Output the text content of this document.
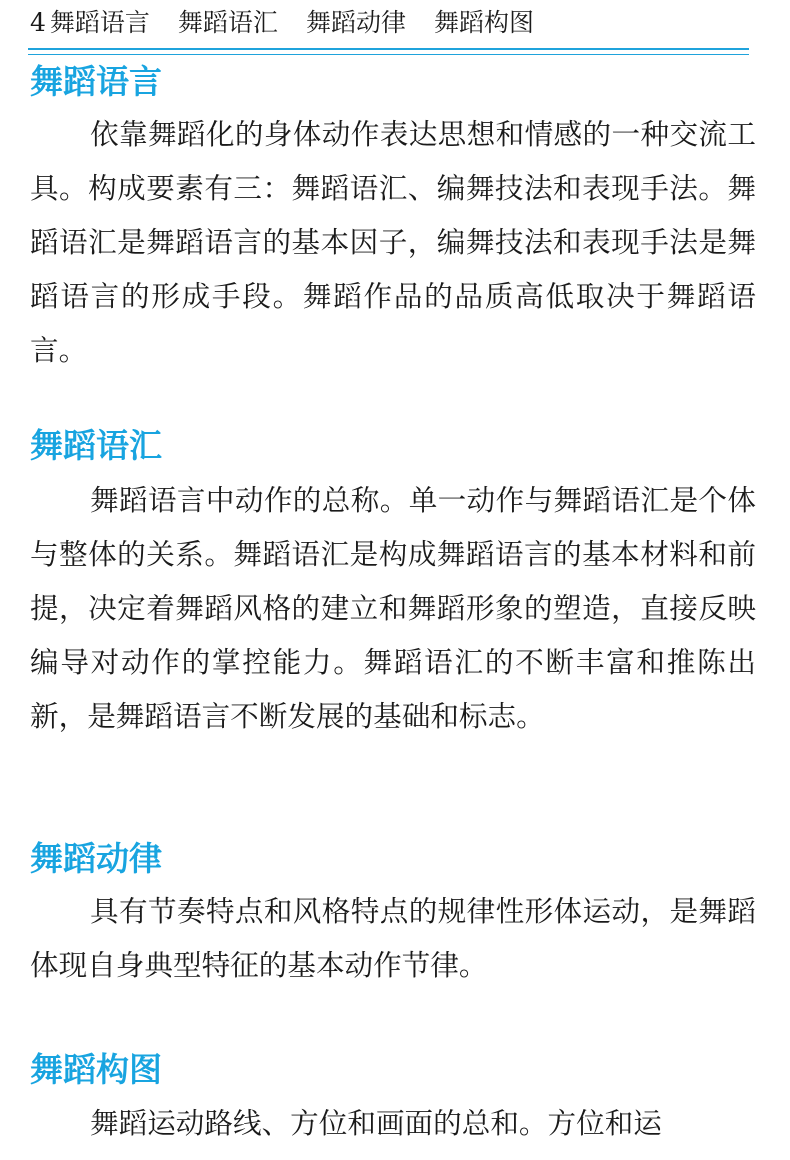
4 舞蹈语言 舞蹈语汇 舞蹈动律 舞蹈构图
舞蹈语言

依靠舞蹈化的身体动作表达思想和情感的一种交流工具。构成要素有三：舞蹈语汇、编舞技法和表现手法。舞蹈语汇是舞蹈语言的基本因子，编舞技法和表现手法是舞蹈语言的形成手段。舞蹈作品的品质高低取决于舞蹈语言。

舞蹈语汇

舞蹈语言中动作的总称。单一动作与舞蹈语汇是个体与整体的关系。舞蹈语汇是构成舞蹈语言的基本材料和前提，决定着舞蹈风格的建立和舞蹈形象的塑造，直接反映编导对动作的掌控能力。舞蹈语汇的不断丰富和推陈出新，是舞蹈语言不断发展的基础和标志。

舞蹈动律

具有节奏特点和风格特点的规律性形体运动，是舞蹈体现自身典型特征的基本动作节律。

舞蹈构图

舞蹈运动路线、方位和画面的总和。方位和运
